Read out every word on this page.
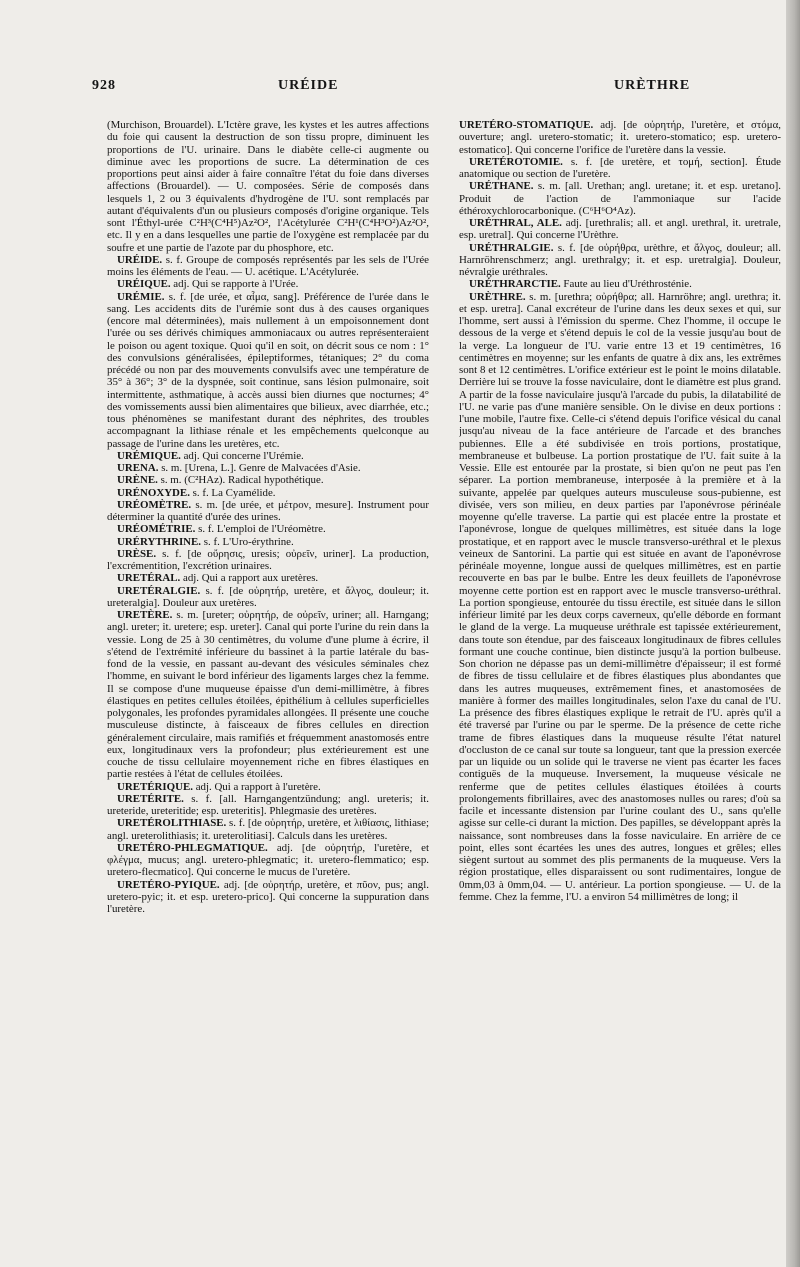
928	URÉIDE	URÈTHRE

(Murchison, Brouardel). L'Ictère grave, les kystes et les autres affections du foie qui causent la destruction de son tissu propre, diminuent les proportions de l'U. urinaire. Dans le diabète celle-ci augmente ou diminue avec les proportions de sucre. La détermination de ces proportions peut ainsi aider à faire connaître l'état du foie dans diverses affections (Brouardel). — U. composées. Série de composés dans lesquels 1, 2 ou 3 équivalents d'hydrogène de l'U. sont remplacés par autant d'équivalents d'un ou plusieurs composés d'origine organique. Tels sont l'Éthyl-urée C²H³(C⁴H⁵)Az²O², l'Acétylurée C²H¹(C⁴H³O²)Az²O², etc. Il y en a dans lesquelles une partie de l'oxygène est remplacée par du soufre et une partie de l'azote par du phosphore, etc.

URÉIDE. s. f. Groupe de composés représentés par les sels de l'Urée moins les éléments de l'eau. — U. acétique. L'Acétylurée.

URÉIQUE. adj. Qui se rapporte à l'Urée.

URÉMIE. s. f. [de urée, et αἷμα, sang]. Préférence de l'urée dans le sang. Les accidents dits de l'urémie sont dus à des causes organiques (encore mal déterminées), mais nullement à un empoisonnement dont l'urée ou ses dérivés chimiques ammoniacaux ou autres représenteraient le poison ou agent toxique. Quoi qu'il en soit, on décrit sous ce nom : 1° des convulsions généralisées, épileptiformes, tétaniques; 2° du coma précédé ou non par des mouvements convulsifs avec une température de 35° à 36°; 3° de la dyspnée, soit continue, sans lésion pulmonaire, soit intermittente, asthmatique, à accès aussi bien diurnes que nocturnes; 4° des vomissements aussi bien alimentaires que bilieux, avec diarrhée, etc.; tous phénomènes se manifestant durant des néphrites, des troubles accompagnant la lithiase rénale et les empêchements quelconque au passage de l'urine dans les uretères, etc.

URÉMIQUE. adj. Qui concerne l'Urémie.

URENA. s. m. [Urena, L.]. Genre de Malvacées d'Asie.

URÈNE. s. m. (C²HAz). Radical hypothétique.

URÉNOXYDE. s. f. La Cyamélide.

URÉOMÈTRE. s. m. [de urée, et μέτρον, mesure]. Instrument pour déterminer la quantité d'urée des urines.

URÉOMÉTRIE. s. f. L'emploi de l'Uréomètre.

URÉRYTHRINE. s. f. L'Uro-érythrine.

URÈSE. s. f. [de οὔρησις, uresis; οὐρεῖν, uriner]. La production, l'excrémentition, l'excrétion urinaires.

URETÉRAL. adj. Qui a rapport aux uretères.

URETÉRALGIE. s. f. [de οὐρητήρ, uretère, et ἄλγος, douleur; it. ureteralgia]. Douleur aux uretères.

URETÈRE. s. m. [ureter; οὐρητήρ, de οὐρεῖν, uriner; all. Harngang; angl. ureter; it. uretere; esp. ureter]. Canal qui porte l'urine du rein dans la vessie. Long de 25 à 30 centimètres, du volume d'une plume à écrire, il s'étend de l'extrémité inférieure du bassinet à la partie latérale du bas-fond de la vessie, en passant au-devant des vésicules séminales chez l'homme, en suivant le bord inférieur des ligaments larges chez la femme. Il se compose d'une muqueuse épaisse d'un demi-millimètre, à fibres élastiques en petites cellules étoilées, épithélium à cellules superficielles polygonales, les profondes pyramidales allongées. Il présente une couche musculeuse distincte, à faisceaux de fibres cellules en direction généralement circulaire, mais ramifiés et fréquemment anastomosés entre eux, longitudinaux vers la profondeur; plus extérieurement est une couche de tissu cellulaire moyennement riche en fibres élastiques en partie restées à l'état de cellules étoilées.

URETÉRIQUE. adj. Qui a rapport à l'uretère.

URETÉRITE. s. f. [all. Harngangentzündung; angl. ureteris; it. ureteride, ureteritide; esp. ureteritis]. Phlegmasie des uretères.

URETÉROLITHIASE. s. f. [de οὐρητήρ, uretère, et λιθίασις, lithiase; angl. ureterolithiasis; it. ureterolitiasi]. Calculs dans les uretères.

URETÉRO-PHLEGMATIQUE. adj. [de οὐρητήρ, l'uretère, et φλέγμα, mucus; angl. uretero-phlegmatic; it. uretero-flemmatico; esp. uretero-flecmatico]. Qui concerne le mucus de l'uretère.

URETÉRO-PYIQUE. adj. [de οὐρητήρ, uretère, et πῦον, pus; angl. uretero-pyic; it. et esp. uretero-prico]. Qui concerne la suppuration dans l'uretère.

URETÉRO-STOMATIQUE. adj. [de οὐρητήρ, l'uretère, et στόμα, ouverture; angl. uretero-stomatic; it. uretero-stomatico; esp. uretero-estomatico]. Qui concerne l'orifice de l'uretère dans la vessie.

URETÉROTOMIE. s. f. [de uretère, et τομή, section]. Étude anatomique ou section de l'uretère.

URÉTHANE. s. m. [all. Urethan; angl. uretane; it. et esp. uretano]. Produit de l'action de l'ammoniaque sur l'acide éthéroxychlorocarbonique. (C⁶H⁶O⁴Az).

URÉTHRAL, ALE. adj. [urethralis; all. et angl. urethral, it. uretrale, esp. uretral]. Qui concerne l'Urèthre.

URÉTHRALGIE. s. f. [de οὐρήθρα, urèthre, et ἄλγος, douleur; all. Harnröhrenschmerz; angl. urethralgy; it. et esp. uretralgia]. Douleur, névralgie uréthrales.

URÉTHRARCTIE. Faute au lieu d'Uréthrosténie.

URÈTHRE. s. m. [urethra; οὐρήθρα; all. Harnröhre; angl. urethra; it. et esp. uretra]. Canal excréteur de l'urine dans les deux sexes et qui, sur l'homme, sert aussi à l'émission du sperme. Chez l'homme, il occupe le dessous de la verge et s'étend depuis le col de la vessie jusqu'au bout de la verge. La longueur de l'U. varie entre 13 et 19 centimètres, 16 centimètres en moyenne; sur les enfants de quatre à dix ans, les extrêmes sont 8 et 12 centimètres. L'orifice extérieur est le point le moins dilatable. Derrière lui se trouve la fosse naviculaire, dont le diamètre est plus grand. A partir de la fosse naviculaire jusqu'à l'arcade du pubis, la dilatabilité de l'U. ne varie pas d'une manière sensible. On le divise en deux portions : l'une mobile, l'autre fixe. Celle-ci s'étend depuis l'orifice vésical du canal jusqu'au niveau de la face antérieure de l'arcade et des branches pubiennes. Elle a été subdivisée en trois portions, prostatique, membraneuse et bulbeuse. La portion prostatique de l'U. fait suite à la Vessie. Elle est entourée par la prostate, si bien qu'on ne peut pas l'en séparer. La portion membraneuse, interposée à la première et à la suivante, appelée par quelques auteurs musculeuse sous-pubienne, est divisée, vers son milieu, en deux parties par l'aponévrose périnéale moyenne qu'elle traverse. La partie qui est placée entre la prostate et l'aponévrose, longue de quelques millimètres, est située dans la loge prostatique, et en rapport avec le muscle transverso-uréthral et le plexus veineux de Santorini. La partie qui est située en avant de l'aponévrose périnéale moyenne, longue aussi de quelques millimètres, est en partie recouverte en bas par le bulbe. Entre les deux feuillets de l'aponévrose moyenne cette portion est en rapport avec le muscle transverso-uréthral. La portion spongieuse, entourée du tissu érectile, est située dans le sillon inférieur limité par les deux corps caverneux, qu'elle déborde en formant le gland de la verge. La muqueuse uréthrale est tapissée extérieurement, dans toute son étendue, par des faisceaux longitudinaux de fibres cellules formant une couche continue, bien distincte jusqu'à la portion bulbeuse. Son chorion ne dépasse pas un demi-millimètre d'épaisseur; il est formé de fibres de tissu cellulaire et de fibres élastiques plus abondantes que dans les autres muqueuses, extrêmement fines, et anastomosées de manière à former des mailles longitudinales, selon l'axe du canal de l'U. La présence des fibres élastiques explique le retrait de l'U. après qu'il a été traversé par l'urine ou par le sperme. De la présence de cette riche trame de fibres élastiques dans la muqueuse résulte l'état naturel d'occluston de ce canal sur toute sa longueur, tant que la pression exercée par un liquide ou un solide qui le traverse ne vient pas écarter les faces contiguës de la muqueuse. Inversement, la muqueuse vésicale ne renferme que de petites cellules élastiques étoilées à courts prolongements fibrillaires, avec des anastomoses nulles ou rares; d'où sa facile et incessante distension par l'urine coulant des U., sans qu'elle agisse sur celle-ci durant la miction. Des papilles, se développant après la naissance, sont nombreuses dans la fosse naviculaire. En arrière de ce point, elles sont écartées les unes des autres, longues et grêles; elles siègent surtout au sommet des plis permanents de la muqueuse. Vers la région prostatique, elles disparaissent ou sont rudimentaires, longue de 0mm,03 à 0mm,04. — U. antérieur. La portion spongieuse. — U. de la femme. Chez la femme, l'U. a environ 54 millimètres de long; il
